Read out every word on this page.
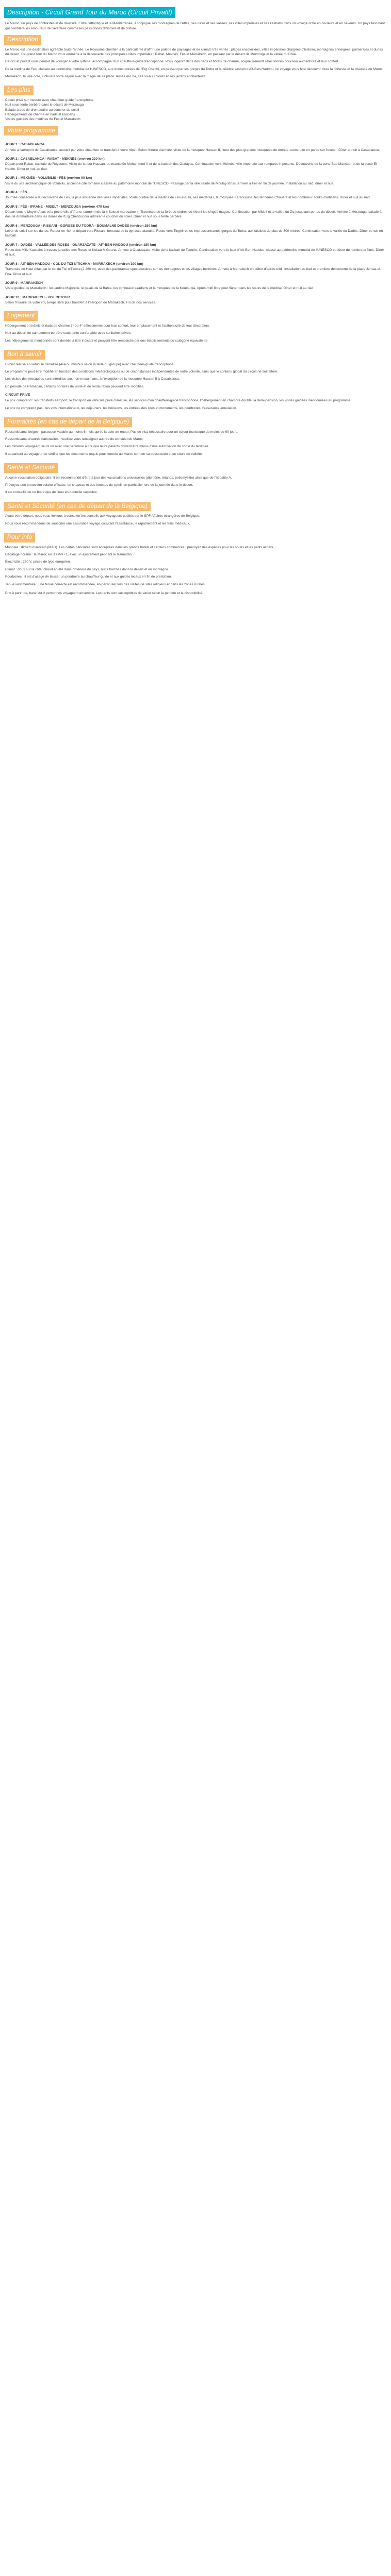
Description - Circuit Grand Tour du Maroc (Circuit Privatif)
Le Maroc, un pays de contrastes et de diversité. Entre l'Atlantique et la Méditerranée, il conjugue ses montagnes de l'Atlas, ses oasis et ses vallées, ses villes impériales et ses kasbahs dans un voyage riche en couleurs et en saveurs. Un pays fascinant qui comblera les amoureux de l'aventure comme les passionnés d'histoire et de culture.
Description

Le Maroc est une destination agréable toute l'année. Le Royaume chérifien a la particularité d'offrir une palette de paysages et de climats très variés : plages ensoleillées, villes impériales chargées d'histoire, montagnes enneigées, palmeraies et dunes du désert. Ce grand tour du Maroc vous emmène à la découverte des principales villes impériales : Rabat, Meknès, Fès et Marrakech, en passant par le désert de Merzouga et la vallée du Drâa.

Ce circuit privatif vous permet de voyager à votre rythme, accompagné d'un chauffeur-guide francophone. Vous logerez dans des riads et hôtels de charme, soigneusement sélectionnés pour leur authenticité et leur confort.

De la médina de Fès, classée au patrimoine mondial de l'UNESCO, aux dunes dorées de l'Erg Chebbi, en passant par les gorges du Todra et la célèbre kasbah d'Aït-Ben-Haddou, ce voyage vous fera découvrir toute la richesse et la diversité du Maroc.

Marrakech, la ville ocre, clôturera votre séjour avec la magie de sa place Jemaa el-Fna, ses souks colorés et ses jardins enchanteurs.

Les plus

Circuit privé sur mesure avec chauffeur-guide francophone

Nuit sous tente berbère dans le désert de Merzouga

Balade à dos de dromadaire au coucher du soleil

Hébergements de charme en riads et kasbahs

Visites guidées des médinas de Fès et Marrakech

Votre programme
JOUR 1 : CASABLANCA

Arrivée à l'aéroport de Casablanca, accueil par votre chauffeur et transfert à votre hôtel. Selon l'heure d'arrivée, visite de la mosquée Hassan II, l'une des plus grandes mosquées du monde, construite en partie sur l'océan. Dîner et nuit à Casablanca.

JOUR 2 : CASABLANCA - RABAT - MEKNÈS (environ 230 km)

Départ pour Rabat, capitale du Royaume. Visite de la tour Hassan, du mausolée Mohammed V et de la kasbah des Oudayas. Continuation vers Meknès, ville impériale aux remparts imposants. Découverte de la porte Bab Mansour et de la place El Hedim. Dîner et nuit au riad.

JOUR 3 : MEKNÈS - VOLUBILIS - FÈS (environ 90 km)

Visite du site archéologique de Volubilis, ancienne cité romaine classée au patrimoine mondial de l'UNESCO. Passage par la ville sainte de Moulay Idriss. Arrivée à Fès en fin de journée. Installation au riad, dîner et nuit.

JOUR 4 : FÈS

Journée consacrée à la découverte de Fès, la plus ancienne des villes impériales. Visite guidée de la médina de Fès el-Bali, ses médersas, la mosquée Karaouiyine, les tanneries Chouara et les nombreux souks d'artisans. Dîner et nuit au riad.

JOUR 5 : FÈS - IFRANE - MIDELT - MERZOUGA (environ 470 km)

Départ vers le Moyen Atlas et la petite ville d'Ifrane, surnommée la « Suisse marocaine ». Traversée de la forêt de cèdres où vivent les singes magots. Continuation par Midelt et la vallée du Ziz jusqu'aux portes du désert. Arrivée à Merzouga, balade à dos de dromadaire dans les dunes de l'Erg Chebbi pour admirer le coucher du soleil. Dîner et nuit sous tente berbère.

JOUR 6 : MERZOUGA - RISSANI - GORGES DU TODRA - BOUMALNE DADÈS (environ 280 km)

Lever de soleil sur les dunes. Retour en 4x4 et départ vers Rissani, berceau de la dynastie alaouite. Route vers Tinghir et les impressionnantes gorges du Todra, aux falaises de plus de 300 mètres. Continuation vers la vallée du Dadès. Dîner et nuit en kasbah.

JOUR 7 : DADÈS - VALLÉE DES ROSES - OUARZAZATE - AÏT-BEN-HADDOU (environ 180 km)

Route des Mille Kasbahs à travers la vallée des Roses et Kelaat M'Gouna. Arrivée à Ouarzazate, visite de la kasbah de Taourirt. Continuation vers le ksar d'Aït-Ben-Haddou, classé au patrimoine mondial de l'UNESCO et décor de nombreux films. Dîner et nuit.

JOUR 8 : AÏT-BEN-HADDOU - COL DU TIZI N'TICHKA - MARRAKECH (environ 190 km)

Traversée du Haut Atlas par le col du Tizi n'Tichka (2 260 m), avec des panoramas spectaculaires sur les montagnes et les villages berbères. Arrivée à Marrakech en début d'après-midi. Installation au riad et première découverte de la place Jemaa el-Fna. Dîner et nuit.

JOUR 9 : MARRAKECH

Visite guidée de Marrakech : les jardins Majorelle, le palais de la Bahia, les tombeaux saadiens et la mosquée de la Koutoubia. Après-midi libre pour flâner dans les souks de la médina. Dîner et nuit au riad.

JOUR 10 : MARRAKECH - VOL RETOUR

Selon l'horaire de votre vol, temps libre puis transfert à l'aéroport de Marrakech. Fin de nos services.

Logement

Hébergement en hôtels et riads de charme 3* ou 4* sélectionnés pour leur confort, leur emplacement et l'authenticité de leur décoration.

Nuit au désert en campement berbère sous tente confortable avec sanitaires privés.

Les hébergements mentionnés sont donnés à titre indicatif et peuvent être remplacés par des établissements de catégorie équivalente.

Bon à savoir

Circuit réalisé en véhicule climatisé (4x4 ou minibus selon la taille du groupe) avec chauffeur-guide francophone.

Le programme peut être modifié en fonction des conditions météorologiques ou de circonstances indépendantes de notre volonté, sans que le contenu global du circuit ne soit altéré.

Les visites des mosquées sont interdites aux non-musulmans, à l'exception de la mosquée Hassan II à Casablanca.

En période de Ramadan, certains horaires de visite et de restauration peuvent être modifiés.

CIRCUIT PRIVÉ

Le prix comprend : les transferts aéroport, le transport en véhicule privé climatisé, les services d'un chauffeur-guide francophone, l'hébergement en chambre double, la demi-pension, les visites guidées mentionnées au programme.

Le prix ne comprend pas : les vols internationaux, les déjeuners, les boissons, les entrées des sites et monuments, les pourboires, l'assurance annulation.

Formalités (en cas de départ de la Belgique)

Ressortissants belges : passeport valable au moins 6 mois après la date de retour. Pas de visa nécessaire pour un séjour touristique de moins de 90 jours.

Ressortissants d'autres nationalités : veuillez vous renseigner auprès du consulat du Maroc.

Les mineurs voyageant seuls ou avec une personne autre que leurs parents doivent être munis d'une autorisation de sortie du territoire.

Il appartient au voyageur de vérifier que les documents requis pour l'entrée au Maroc sont en sa possession et en cours de validité.

Santé et Sécurité

Aucune vaccination obligatoire. Il est recommandé d'être à jour des vaccinations universelles (diphtérie, tétanos, poliomyélite) ainsi que de l'hépatite A.

Prévoyez une protection solaire efficace, un chapeau et des lunettes de soleil, en particulier lors de la journée dans le désert.

Il est conseillé de ne boire que de l'eau en bouteille capsulée.

Santé et Sécurité (en cas de départ de la Belgique)

Avant votre départ, nous vous invitons à consulter les conseils aux voyageurs publiés par le SPF Affaires étrangères de Belgique.

Nous vous recommandons de souscrire une assurance voyage couvrant l'assistance, le rapatriement et les frais médicaux.

Pour info

Monnaie : dirham marocain (MAD). Les cartes bancaires sont acceptées dans les grands hôtels et certains commerces ; prévoyez des espèces pour les souks et les petits achats.

Décalage horaire : le Maroc est à GMT+1, avec un ajustement pendant le Ramadan.

Électricité : 220 V, prises de type européen.

Climat : doux sur la côte, chaud en été dans l'intérieur du pays, nuits fraîches dans le désert et en montagne.

Pourboires : il est d'usage de laisser un pourboire au chauffeur-guide et aux guides locaux en fin de prestation.

Tenue vestimentaire : une tenue correcte est recommandée, en particulier lors des visites de sites religieux et dans les zones rurales.

Prix à partir de, basé sur 2 personnes voyageant ensemble. Les tarifs sont susceptibles de varier selon la période et la disponibilité.
